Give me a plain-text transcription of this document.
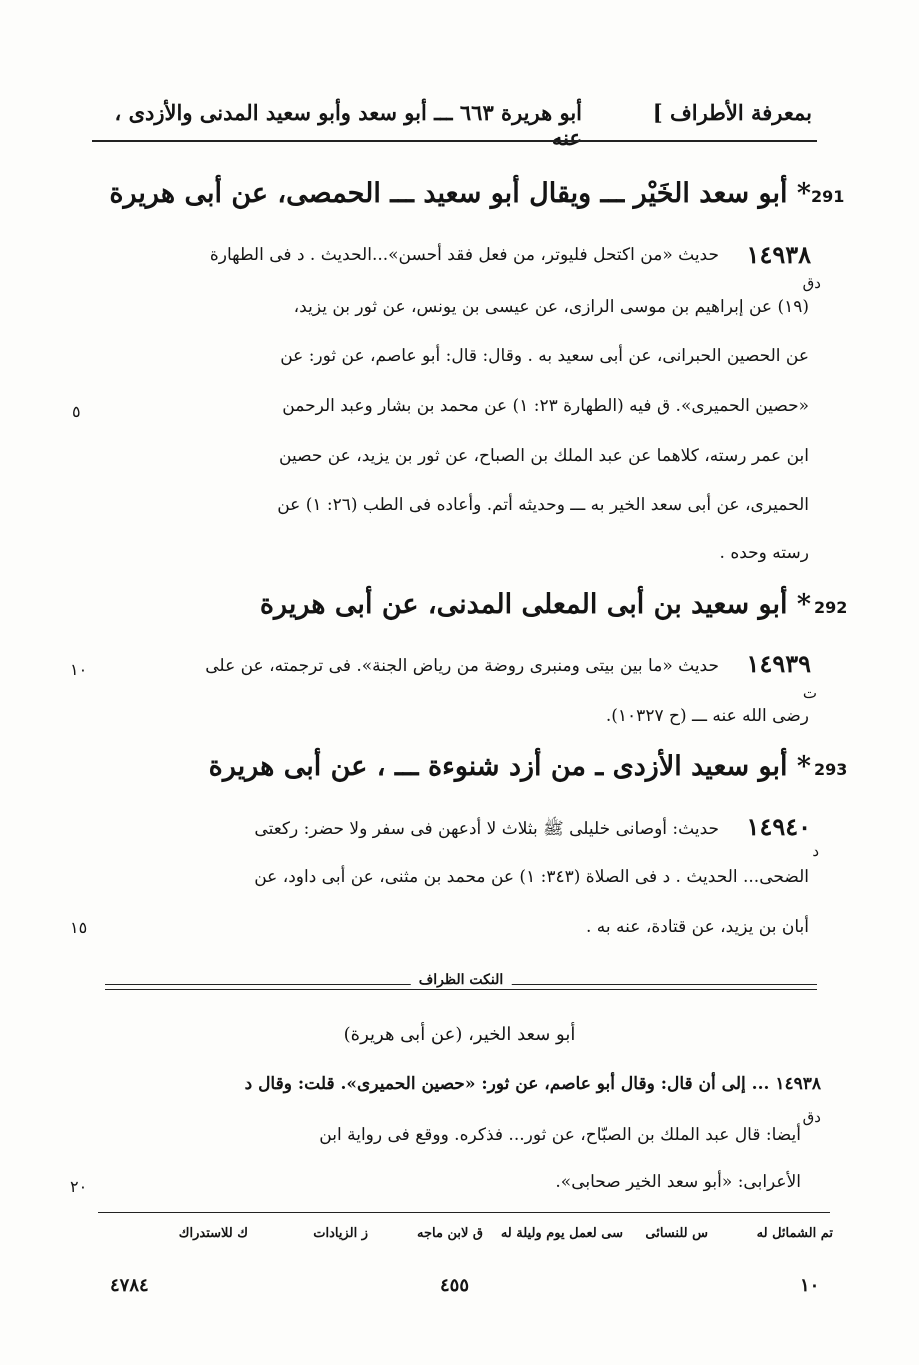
بمعرفة الأطراف ]
أبو هريرة ٦٦٣ ـــ أبو سعد وأبو سعيد المدنى والأزدى ، عنه
291
* أبو سعد الخَيْر ـــ ويقال أبو سعيد ـــ الحمصى، عن أبى هريرة
١٤٩٣٨
دق
حديث «من اكتحل فليوتر، من فعل فقد أحسن»...الحديث . د فى الطهارة
(١٩) عن إبراهيم بن موسى الرازى، عن عيسى بن يونس، عن ثور بن يزيد،
عن الحصين الحبرانى، عن أبى سعيد به . وقال: قال: أبو عاصم، عن ثور: عن
«حصين الحميرى». ق فيه (الطهارة ٢٣: ١) عن محمد بن بشار وعبد الرحمن
ابن عمر رسته، كلاهما عن عبد الملك بن الصباح، عن ثور بن يزيد، عن حصين
الحميرى، عن أبى سعد الخير به ـــ وحديثه أتم. وأعاده فى الطب (٢٦: ١) عن
رسته وحده .
292
* أبو سعيد بن أبى المعلى المدنى، عن أبى هريرة
١٤٩٣٩
ت
حديث «ما بين بيتى ومنبرى روضة من رياض الجنة». فى ترجمته، عن على
رضى الله عنه ـــ (ح ١٠٣٢٧).
293
* أبو سعيد الأزدى ـ من أزد شنوءة ـــ ، عن أبى هريرة
١٤٩٤٠
د
حديث: أوصانى خليلى ﷺ بثلاث لا أدعهن فى سفر ولا حضر: ركعتى
الضحى... الحديث . د فى الصلاة (٣٤٣: ١) عن محمد بن مثنى، عن أبى داود، عن
أبان بن يزيد، عن قتادة، عنه به .
٥
١٠
١٥
٢٠
النكت الظراف
أبو سعد الخير، (عن أبى هريرة)
دق
١٤٩٣٨ ... إلى أن قال: وقال أبو عاصم، عن ثور: «حصين الحميرى». قلت: وقال د
أيضا: قال عبد الملك بن الصبّاح، عن ثور... فذكره. ووقع فى رواية ابن
الأعرابى: «أبو سعد الخير صحابى».
تم الشمائل له
س للنسائى
سى لعمل يوم وليلة له
ق لابن ماجه
ز الزيادات
ك للاستدراك
١٠
٤٥٥
٤٧٨٤
